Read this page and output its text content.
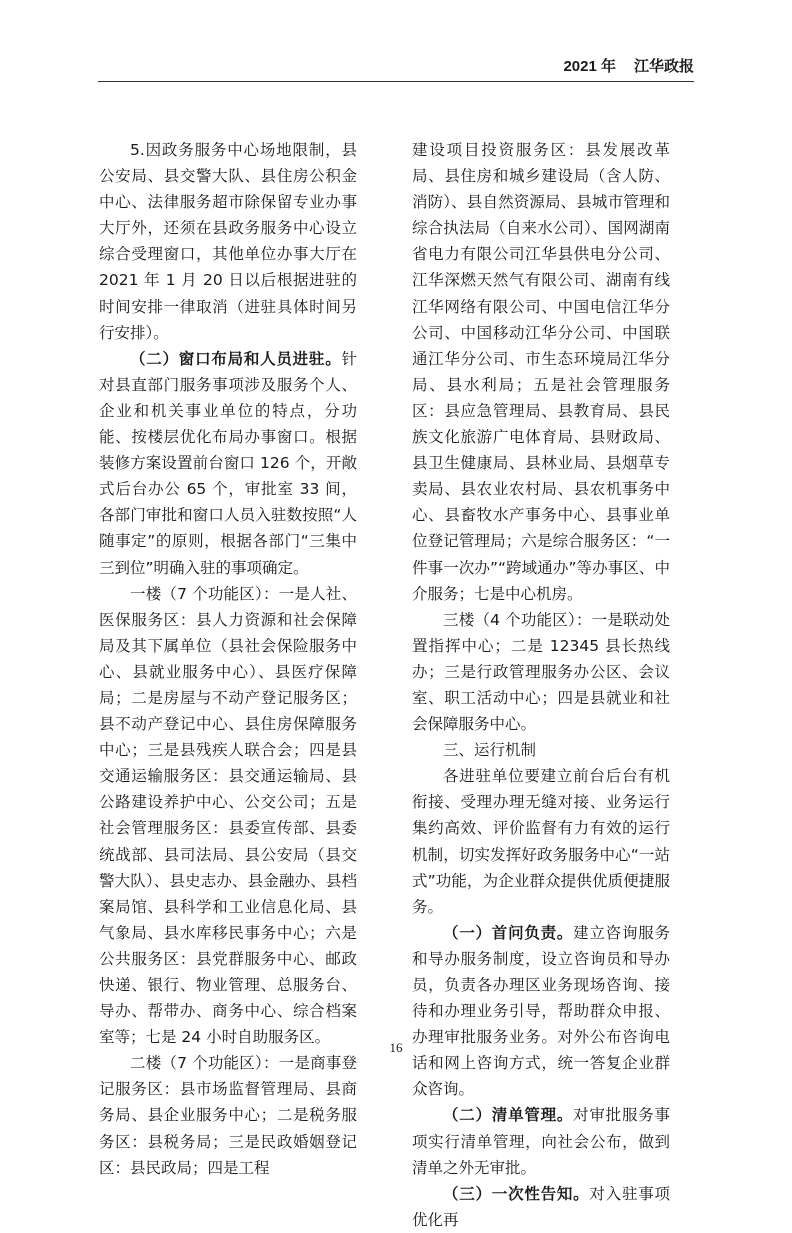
2021 年 江华政报

5.因政务服务中心场地限制，县公安局、县交警大队、县住房公积金中心、法律服务超市除保留专业办事大厅外，还须在县政务服务中心设立综合受理窗口，其他单位办事大厅在 2021 年 1 月 20 日以后根据进驻的时间安排一律取消（进驻具体时间另行安排）。

（二）窗口布局和人员进驻。针对县直部门服务事项涉及服务个人、企业和机关事业单位的特点，分功能、按楼层优化布局办事窗口。根据装修方案设置前台窗口 126 个，开敞式后台办公 65 个，审批室 33 间，各部门审批和窗口人员入驻数按照“人随事定”的原则，根据各部门“三集中三到位”明确入驻的事项确定。

一楼（7 个功能区）：一是人社、医保服务区：县人力资源和社会保障局及其下属单位（县社会保险服务中心、县就业服务中心）、县医疗保障局；二是房屋与不动产登记服务区；县不动产登记中心、县住房保障服务中心；三是县残疾人联合会；四是县交通运输服务区：县交通运输局、县公路建设养护中心、公交公司；五是社会管理服务区：县委宣传部、县委统战部、县司法局、县公安局（县交警大队）、县史志办、县金融办、县档案局馆、县科学和工业信息化局、县气象局、县水库移民事务中心；六是公共服务区：县党群服务中心、邮政快递、银行、物业管理、总服务台、导办、帮带办、商务中心、综合档案室等；七是 24 小时自助服务区。

二楼（7 个功能区）：一是商事登记服务区：县市场监督管理局、县商务局、县企业服务中心；二是税务服务区：县税务局；三是民政婚姻登记区：县民政局；四是工程

建设项目投资服务区：县发展改革局、县住房和城乡建设局（含人防、消防）、县自然资源局、县城市管理和综合执法局（自来水公司）、国网湖南省电力有限公司江华县供电分公司、江华深燃天然气有限公司、湖南有线江华网络有限公司、中国电信江华分公司、中国移动江华分公司、中国联通江华分公司、市生态环境局江华分局、县水利局；五是社会管理服务区：县应急管理局、县教育局、县民族文化旅游广电体育局、县财政局、县卫生健康局、县林业局、县烟草专卖局、县农业农村局、县农机事务中心、县畜牧水产事务中心、县事业单位登记管理局；六是综合服务区：“一件事一次办”“跨域通办”等办事区、中介服务；七是中心机房。

三楼（4 个功能区）：一是联动处置指挥中心；二是 12345 县长热线办；三是行政管理服务办公区、会议室、职工活动中心；四是县就业和社会保障服务中心。

三、运行机制

各进驻单位要建立前台后台有机衔接、受理办理无缝对接、业务运行集约高效、评价监督有力有效的运行机制，切实发挥好政务服务中心“一站式”功能，为企业群众提供优质便捷服务。

（一）首问负责。建立咨询服务和导办服务制度，设立咨询员和导办员，负责各办理区业务现场咨询、接待和办理业务引导，帮助群众申报、办理审批服务业务。对外公布咨询电话和网上咨询方式，统一答复企业群众咨询。

（二）清单管理。对审批服务事项实行清单管理，向社会公布，做到清单之外无审批。

（三）一次性告知。对入驻事项优化再

16
